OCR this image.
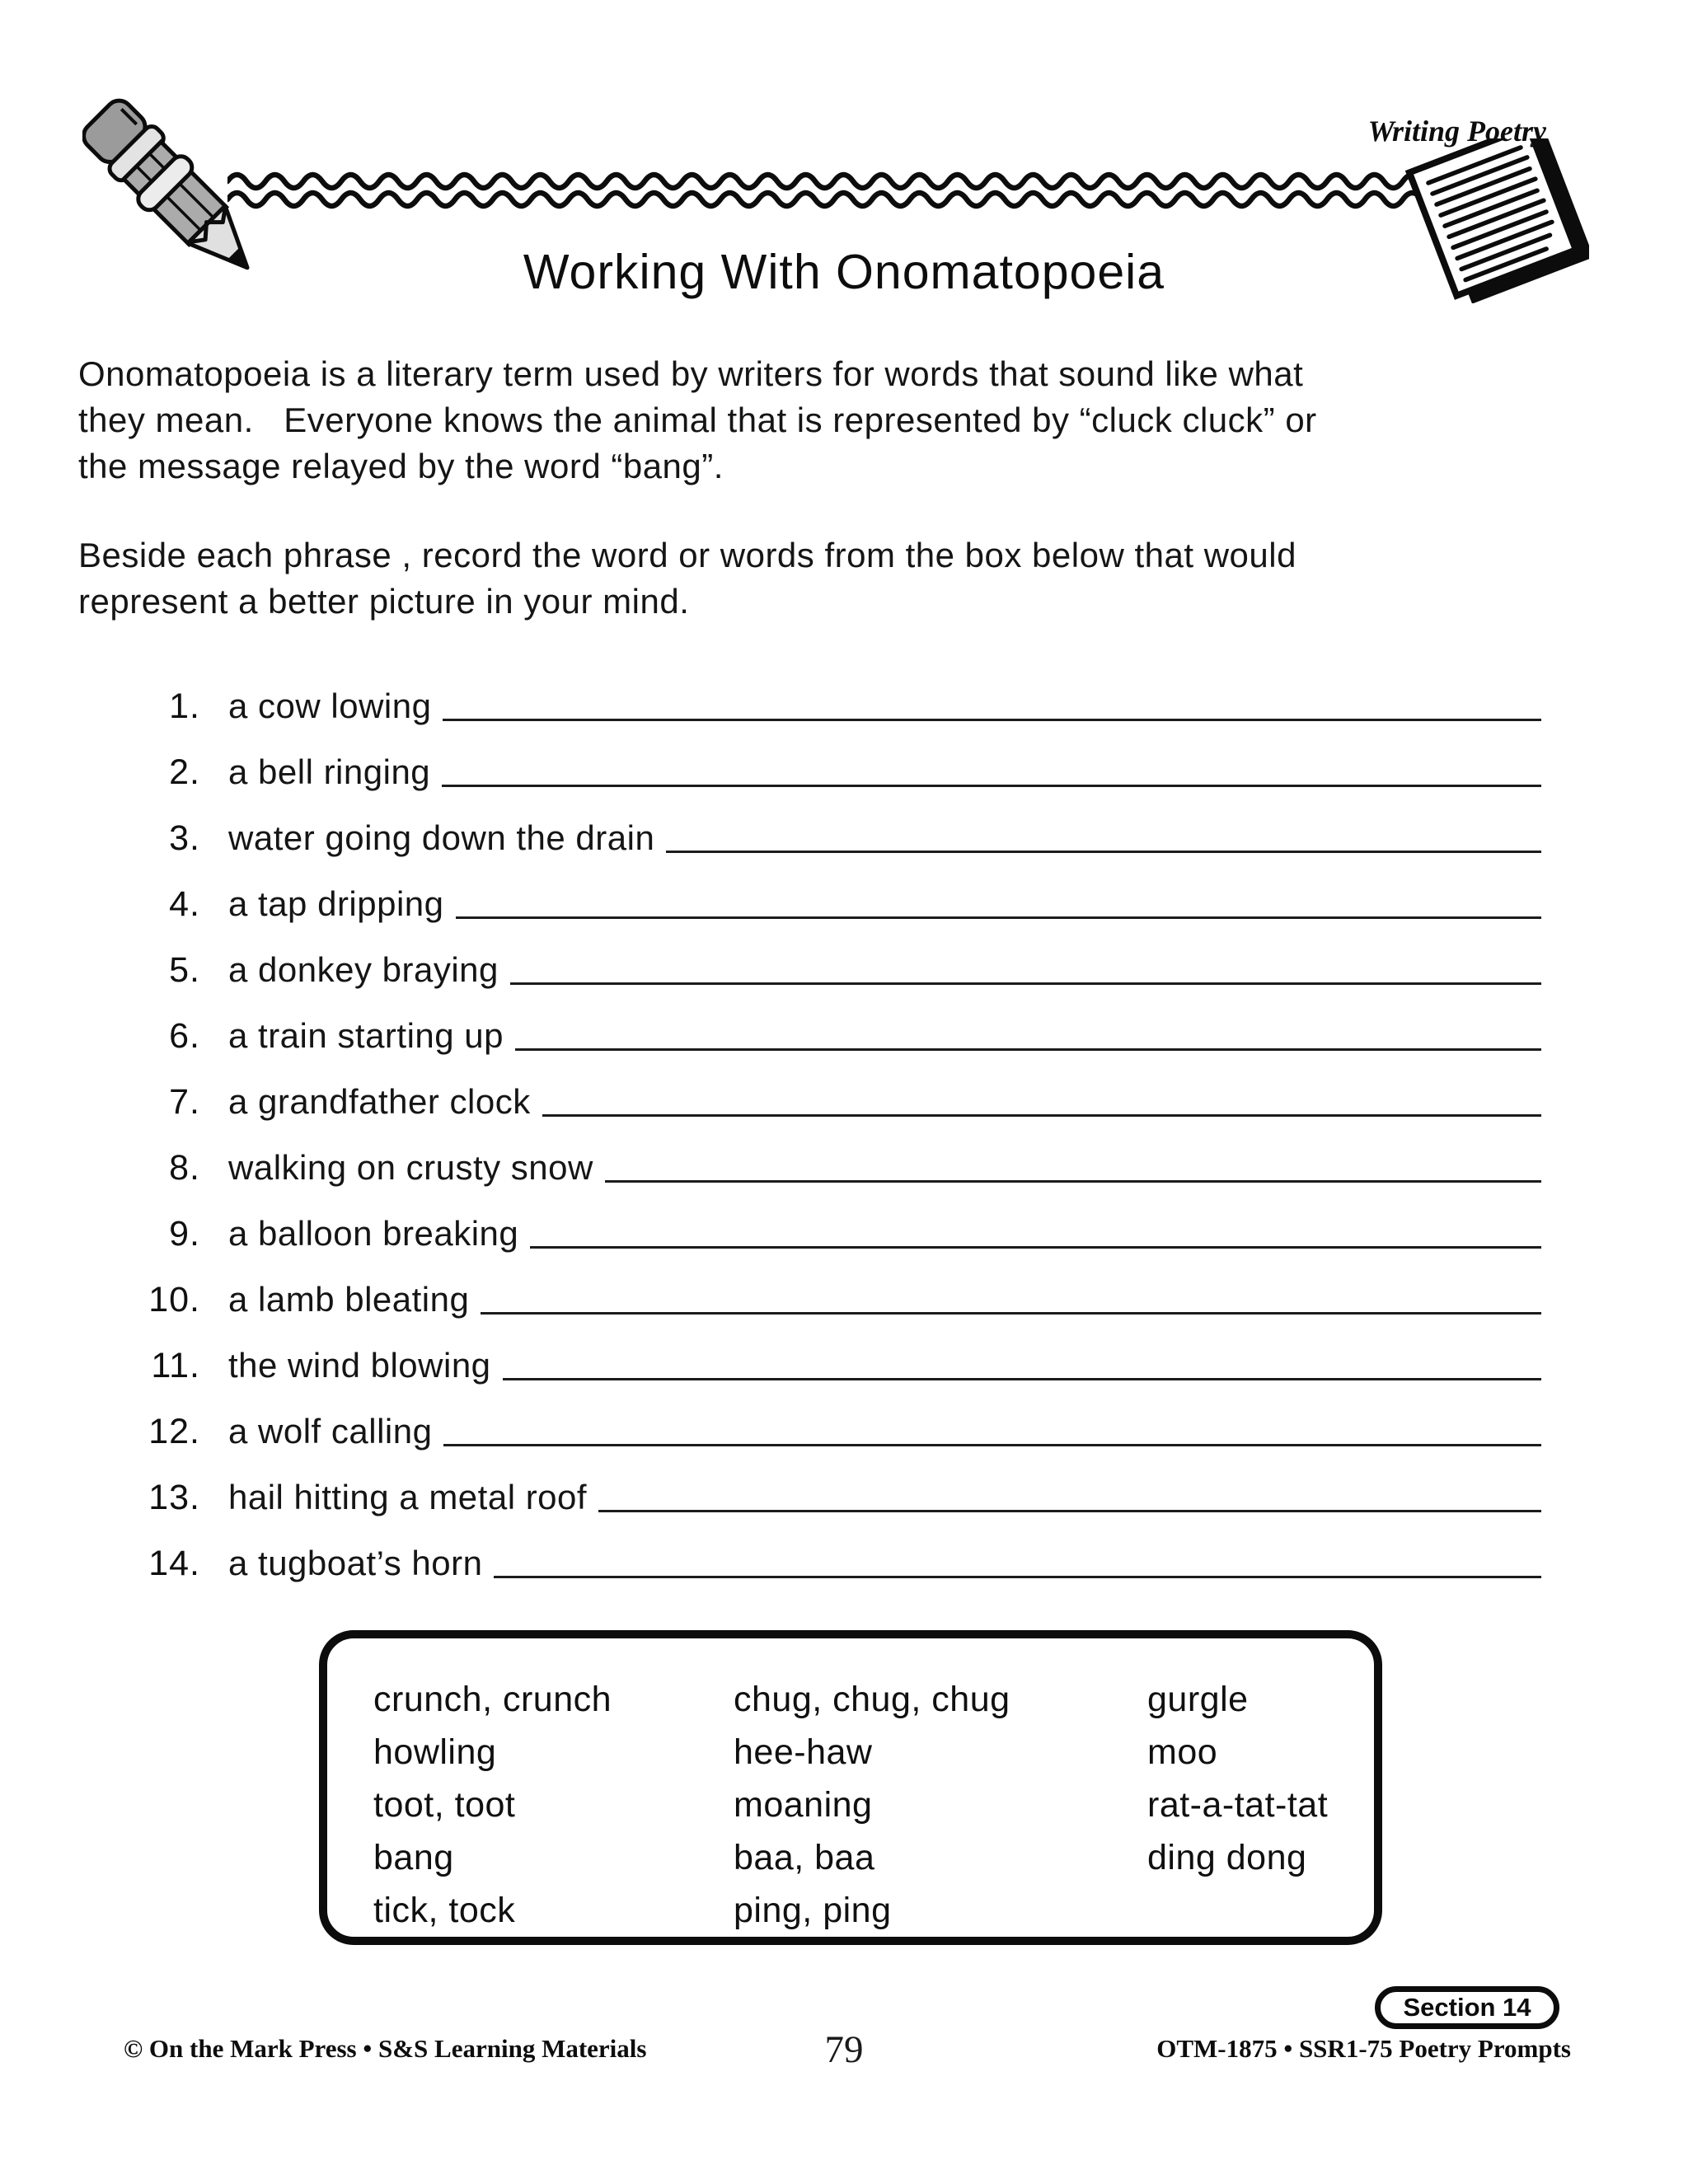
Writing Poetry
Working With Onomatopoeia
Onomatopoeia is a literary term used by writers for words that sound like what
they mean.   Everyone knows the animal that is represented by “cluck cluck” or
the message relayed by the word “bang”.
Beside each phrase , record the word or words from the box below that would
represent a better picture in your mind.
1. a cow lowing
2. a bell ringing
3. water going down the drain
4. a tap dripping
5. a donkey braying
6. a train starting up
7. a grandfather clock
8. walking on crusty snow
9. a balloon breaking
10. a lamb bleating
11. the wind blowing
12. a wolf calling
13. hail hitting a metal roof
14. a tugboat’s horn
crunch, crunch
howling
toot, toot
bang
tick, tock
chug, chug, chug
hee-haw
moaning
baa, baa
ping, ping
gurgle
moo
rat-a-tat-tat
ding dong
Section 14
© On the Mark Press • S&S Learning Materials	79	OTM-1875 • SSR1-75 Poetry Prompts
